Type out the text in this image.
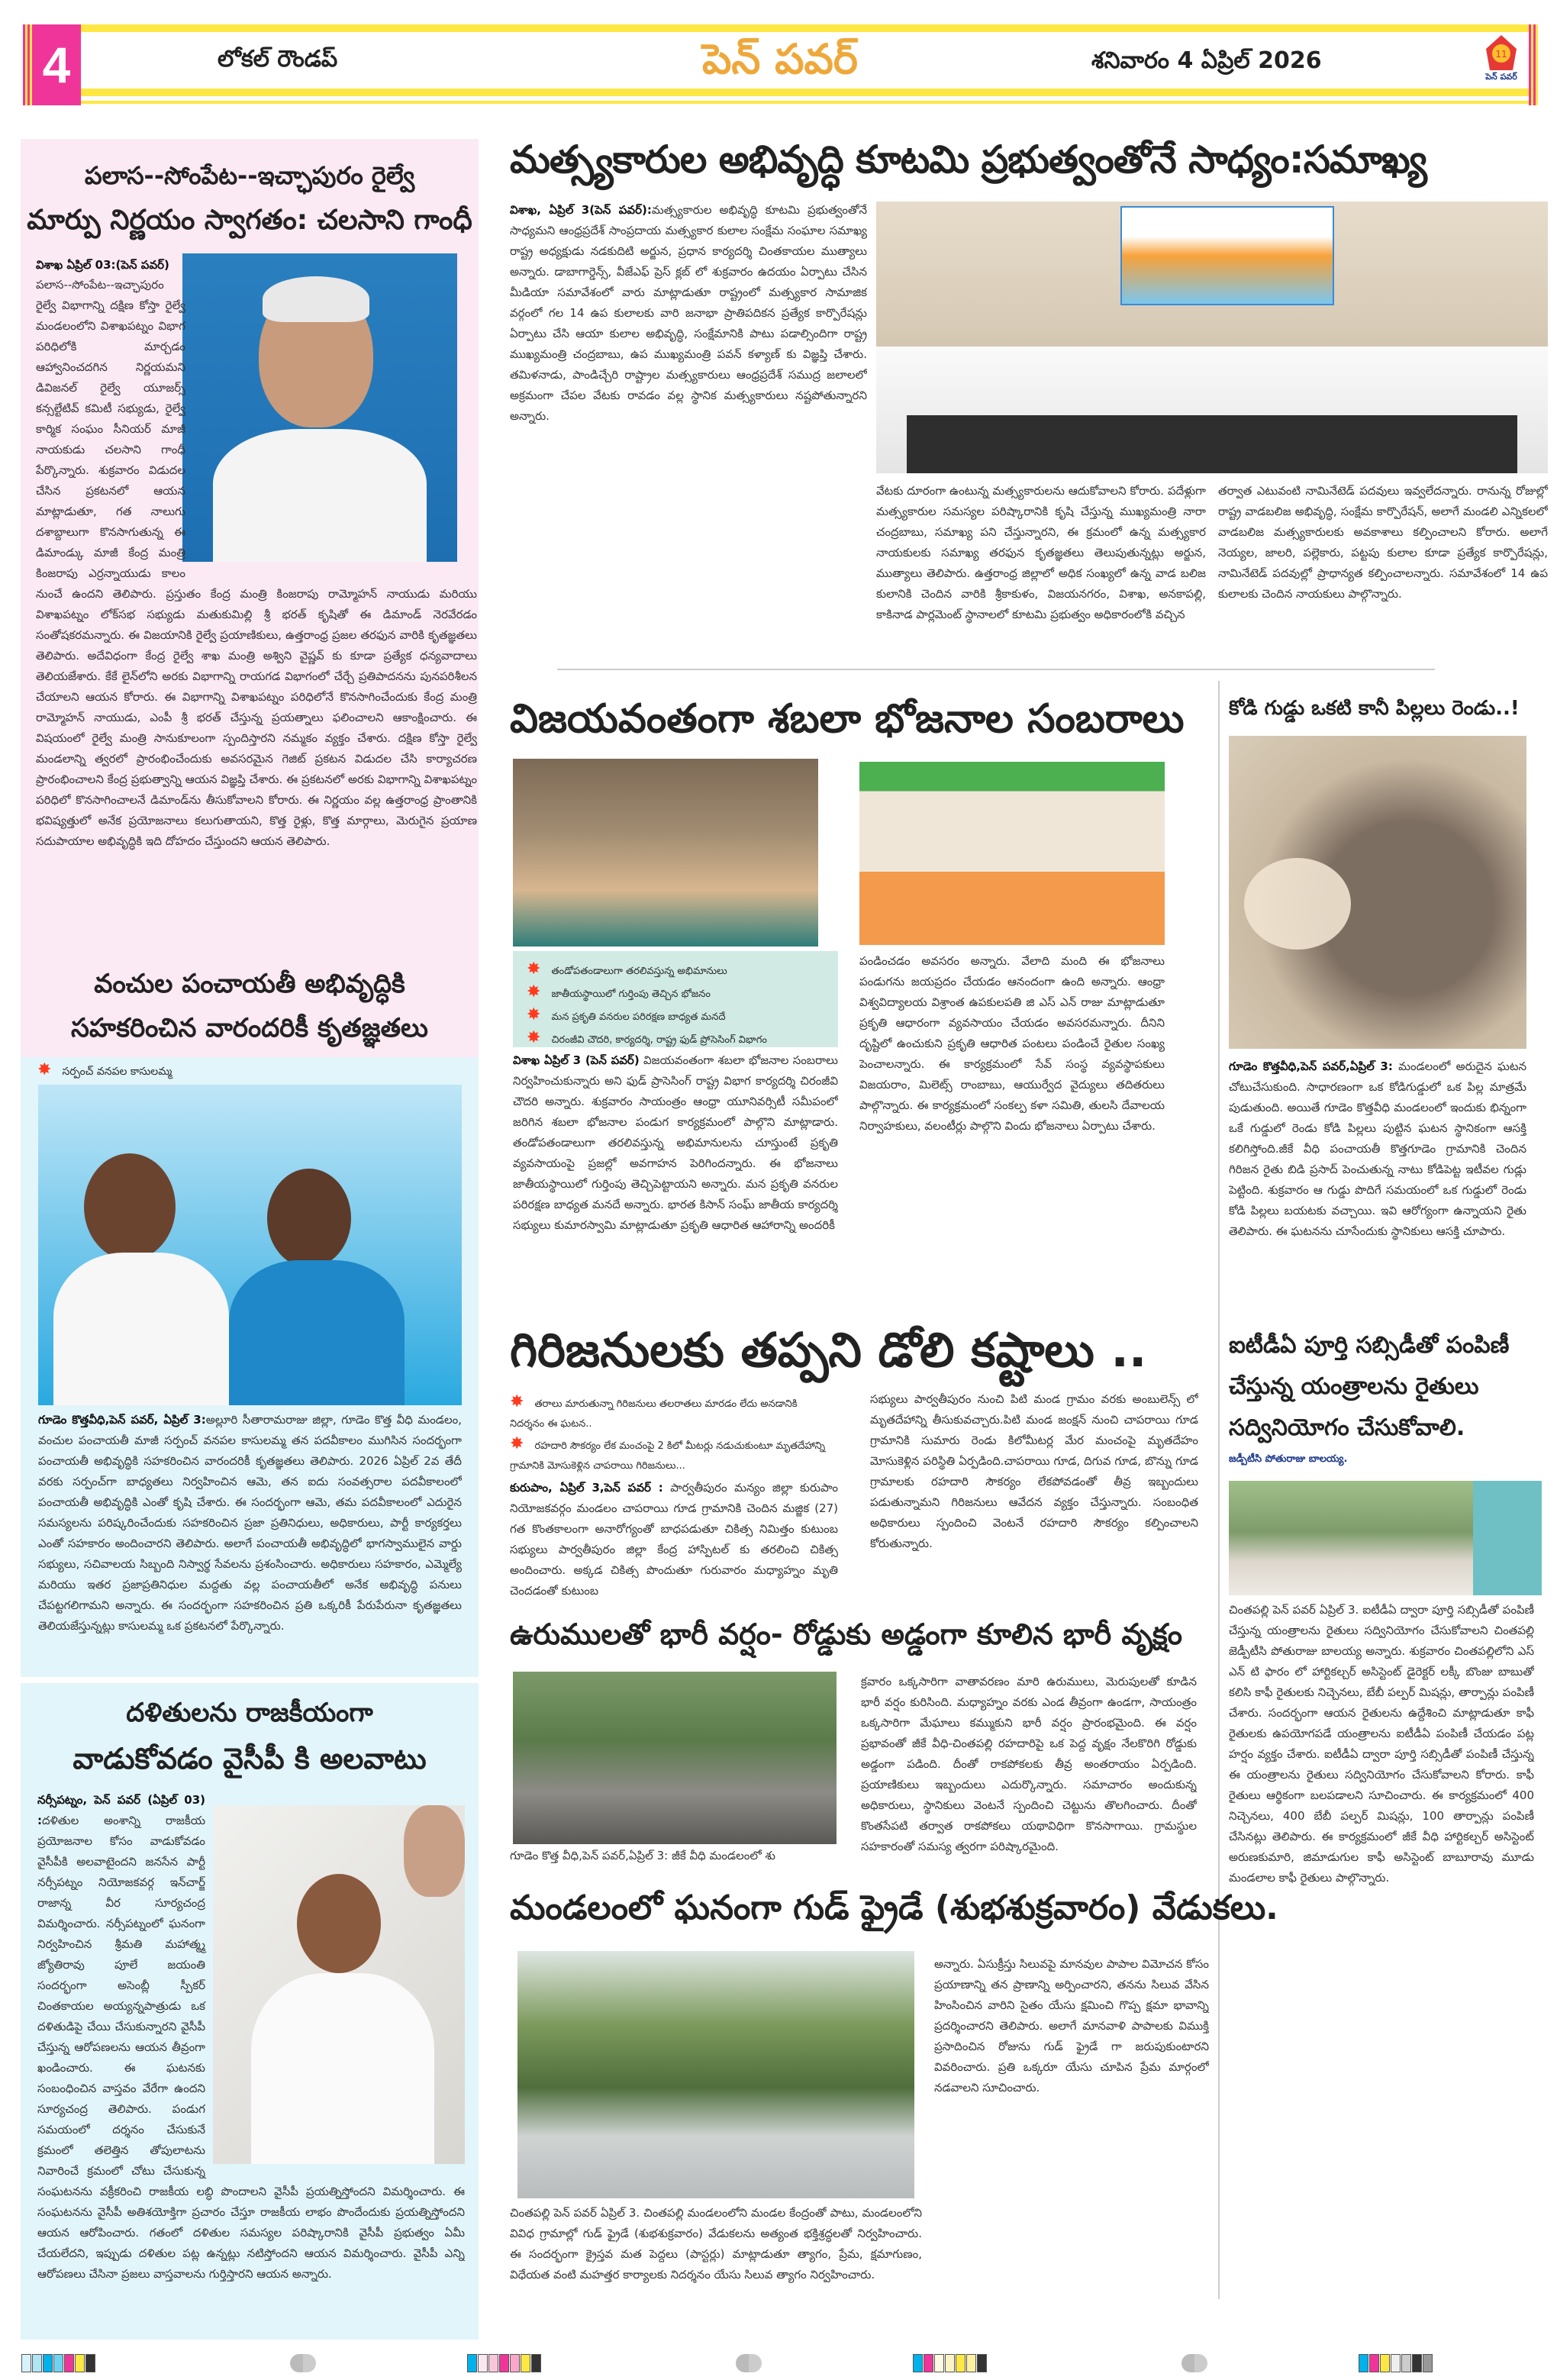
4	లోకల్ రౌండప్	పెన్ పవర్	శనివారం 4 ఏప్రిల్ 2026	11
పెన్ పవర్
పలాస--సోంపేట--ఇచ్ఛాపురం రైల్వే
మార్పు నిర్ణయం స్వాగతం: చలసాని గాంధీ
విశాఖ ఏప్రిల్ 03:(పెన్ పవర్)
పలాస--సోంపేట--ఇచ్ఛాపురం రైల్వే విభాగాన్ని దక్షిణ కోస్తా రైల్వే మండలంలోని విశాఖపట్నం విభాగ పరిధిలోకి మార్చడం ఆహ్వానించదగిన నిర్ణయమని డివిజనల్ రైల్వే యూజర్స్ కన్సల్టేటివ్ కమిటీ సభ్యుడు, రైల్వే కార్మిక సంఘం సీనియర్ మాజీ నాయకుడు చలసాని గాంధీ పేర్కొన్నారు. శుక్రవారం విడుదల చేసిన ప్రకటనలో ఆయన మాట్లాడుతూ, గత నాలుగు దశాబ్దాలుగా కొనసాగుతున్న ఈ డిమాండ్కు మాజీ కేంద్ర మంత్రి కింజరాపు ఎర్రన్నాయుడు కాలం నుంచే ఉందని తెలిపారు. ప్రస్తుతం కేంద్ర మంత్రి కింజరాపు రామ్మోహన్ నాయుడు మరియు విశాఖపట్నం లోక్‌సభ సభ్యుడు మతుకుమిల్లి శ్రీ భరత్ కృషితో ఈ డిమాండ్ నెరవేరడం సంతోషకరమన్నారు. ఈ విజయానికి రైల్వే ప్రయాణికులు, ఉత్తరాంధ్ర ప్రజల తరఫున వారికి కృతజ్ఞతలు తెలిపారు. అదేవిధంగా కేంద్ర రైల్వే శాఖ మంత్రి అశ్విని వైష్ణవ్ కు కూడా ప్రత్యేక ధన్యవాదాలు తెలియజేశారు. కేకే లైన్‌లోని అరకు విభాగాన్ని రాయగడ విభాగంలో చేర్చే ప్రతిపాదనను పునపరిశీలన చేయాలని ఆయన కోరారు. ఈ విభాగాన్ని విశాఖపట్నం పరిధిలోనే కొనసాగించేందుకు కేంద్ర మంత్రి రామ్మోహన్ నాయుడు, ఎంపీ శ్రీ భరత్ చేస్తున్న ప్రయత్నాలు ఫలించాలని ఆకాంక్షించారు. ఈ విషయంలో రైల్వే మంత్రి సానుకూలంగా స్పందిస్తారని నమ్మకం వ్యక్తం చేశారు. దక్షిణ కోస్తా రైల్వే మండలాన్ని త్వరలో ప్రారంభించేందుకు అవసరమైన గెజిట్ ప్రకటన విడుదల చేసి కార్యాచరణ ప్రారంభించాలని కేంద్ర ప్రభుత్వాన్ని ఆయన విజ్ఞప్తి చేశారు. ఈ ప్రకటనలో అరకు విభాగాన్ని విశాఖపట్నం పరిధిలో కొనసాగించాలనే డిమాండ్‌ను తీసుకోవాలని కోరారు. ఈ నిర్ణయం వల్ల ఉత్తరాంధ్ర ప్రాంతానికి భవిష్యత్తులో అనేక ప్రయోజనాలు కలుగుతాయని, కొత్త రైళ్లు, కొత్త మార్గాలు, మెరుగైన ప్రయాణ సదుపాయాల అభివృద్ధికి ఇది దోహదం చేస్తుందని ఆయన తెలిపారు.
వంచుల పంచాయతీ అభివృద్ధికి
సహకరించిన వారందరికీ కృతజ్ఞతలు
✸ సర్పంచ్ వనపల కాసులమ్మ
గూడెం కొత్తవీధి,పెన్ పవర్, ఏప్రిల్ 3:అల్లూరి సీతారామరాజు జిల్లా, గూడెం కొత్త వీధి మండలం, వంచుల పంచాయతీ మాజీ సర్పంచ్ వనపల కాసులమ్మ తన పదవీకాలం ముగిసిన సందర్భంగా పంచాయతీ అభివృద్ధికి సహకరించిన వారందరికీ కృతజ్ఞతలు తెలిపారు. 2026 ఏప్రిల్ 2వ తేదీ వరకు సర్పంచ్‌గా బాధ్యతలు నిర్వహించిన ఆమె, తన ఐదు సంవత్సరాల పదవీకాలంలో పంచాయతీ అభివృద్ధికి ఎంతో కృషి చేశారు. ఈ సందర్భంగా ఆమె, తమ పదవీకాలంలో ఎదురైన సమస్యలను పరిష్కరించేందుకు సహకరించిన ప్రజా ప్రతినిధులు, అధికారులు, పార్టీ కార్యకర్తలు ఎంతో సహకారం అందించారని తెలిపారు. అలాగే పంచాయతీ అభివృద్ధిలో భాగస్వాములైన వార్డు సభ్యులు, సచివాలయ సిబ్బంది నిస్వార్థ సేవలను ప్రశంసించారు. అధికారులు సహకారం, ఎమ్మెల్యే మరియు ఇతర ప్రజాప్రతినిధుల మద్దతు వల్ల పంచాయతీలో అనేక అభివృద్ధి పనులు చేపట్టగలిగామని అన్నారు. ఈ సందర్భంగా సహకరించిన ప్రతి ఒక్కరికీ పేరుపేరునా కృతజ్ఞతలు తెలియజేస్తున్నట్లు కాసులమ్మ ఒక ప్రకటనలో పేర్కొన్నారు.
దళితులను రాజకీయంగా
వాడుకోవడం వైసీపీ కి అలవాటు
నర్సీపట్నం, పెన్ పవర్ (ఏప్రిల్ 03) :దళితుల అంశాన్ని రాజకీయ ప్రయోజనాల కోసం వాడుకోవడం వైసీపీకి అలవాటైందని జనసేన పార్టీ నర్సీపట్నం నియోజకవర్గ ఇన్‌చార్జ్ రాజాన్న వీర సూర్యచంద్ర విమర్శించారు. నర్సీపట్నంలో ఘనంగా నిర్వహించిన శ్రీమతి మహాత్మ్మ జ్యోతిరావు పూలే జయంతి సందర్భంగా అసెంబ్లీ స్పీకర్ చింతకాయల అయ్యన్నపాత్రుడు ఒక దళితుడిపై చేయి చేసుకున్నారని వైసీపీ చేస్తున్న ఆరోపణలను ఆయన తీవ్రంగా ఖండించారు. ఈ ఘటనకు సంబంధించిన వాస్తవం వేరేగా ఉందని సూర్యచంద్ర తెలిపారు. పండుగ సమయంలో దర్శనం చేసుకునే క్రమంలో తలెత్తిన తోపులాటను నివారించే క్రమంలో చోటు చేసుకున్న సంఘటనను వక్రీకరించి రాజకీయ లబ్ధి పొందాలని వైసీపీ ప్రయత్నిస్తోందని విమర్శించారు. ఈ సంఘటనను వైసీపీ అతిశయోక్తిగా ప్రచారం చేస్తూ రాజకీయ లాభం పొందేందుకు ప్రయత్నిస్తోందని ఆయన ఆరోపించారు. గతంలో దళితుల సమస్యల పరిష్కారానికి వైసీపీ ప్రభుత్వం ఏమీ చేయలేదని, ఇప్పుడు దళితుల పట్ల ఉన్నట్లు నటిస్తోందని ఆయన విమర్శించారు. వైసీపీ ఎన్ని ఆరోపణలు చేసినా ప్రజలు వాస్తవాలను గుర్తిస్తారని ఆయన అన్నారు.
మత్స్యకారుల అభివృద్ధి కూటమి ప్రభుత్వంతోనే సాధ్యం:సమాఖ్య
విశాఖ, ఏప్రిల్ 3(పెన్ పవర్):మత్స్యకారుల అభివృద్ధి కూటమి ప్రభుత్వంతోనే సాధ్యమని ఆంధ్రప్రదేశ్ సాంప్రదాయ మత్స్యకార కులాల సంక్షేమ సంఘాల సమాఖ్య రాష్ట్ర అధ్యక్షుడు నడకుదిటి అర్జున, ప్రధాన కార్యదర్శి చింతకాయల ముత్యాలు అన్నారు. డాబాగార్డెన్స్, వీజేఎఫ్ ప్రెస్ క్లబ్ లో శుక్రవారం ఉదయం ఏర్పాటు చేసిన మీడియా సమావేశంలో వారు మాట్లాడుతూ రాష్ట్రంలో మత్స్యకార సామాజిక వర్గంలో గల 14 ఉప కులాలకు వారి జనాభా ప్రాతిపదికన ప్రత్యేక కార్పొరేషన్లు ఏర్పాటు చేసి ఆయా కులాల అభివృద్ధి, సంక్షేమానికి పాటు పడాల్సిందిగా రాష్ట్ర ముఖ్యమంత్రి చంద్రబాబు, ఉప ముఖ్యమంత్రి పవన్ కళ్యాణ్ కు విజ్ఞప్తి చేశారు. తమిళనాడు, పాండిచ్చేరి రాష్ట్రాల మత్స్యకారులు ఆంధ్రప్రదేశ్ సముద్ర జలాలలో అక్రమంగా చేపల వేటకు రావడం వల్ల స్థానిక మత్స్యకారులు నష్టపోతున్నారని అన్నారు.
వేటకు దూరంగా ఉంటున్న మత్స్యకారులను ఆదుకోవాలని కోరారు. పదేళ్లుగా మత్స్యకారుల సమస్యల పరిష్కారానికి కృషి చేస్తున్న ముఖ్యమంత్రి నారా చంద్రబాబు, సమాఖ్య పని చేస్తున్నారని, ఈ క్రమంలో ఉన్న మత్స్యకార నాయకులకు సమాఖ్య తరఫున కృతజ్ఞతలు తెలుపుతున్నట్లు అర్జున, ముత్యాలు తెలిపారు. ఉత్తరాంధ్ర జిల్లాలో అధిక సంఖ్యలో ఉన్న వాడ బలిజ కులానికి చెందిన వారికి శ్రీకాకుళం, విజయనగరం, విశాఖ, అనకాపల్లి, కాకినాడ పార్లమెంట్ స్థానాలలో కూటమి ప్రభుత్వం అధికారంలోకి వచ్చిన
తర్వాత ఎటువంటి నామినేటెడ్ పదవులు ఇవ్వలేదన్నారు. రానున్న రోజుల్లో రాష్ట్ర వాడబలిజ అభివృద్ధి, సంక్షేమ కార్పొరేషన్, అలాగే మండలి ఎన్నికలలో వాడబలిజ మత్స్యకారులకు అవకాశాలు కల్పించాలని కోరారు. అలాగే నెయ్యల, జాలరి, పల్లెకారు, పట్టపు కులాల కూడా ప్రత్యేక కార్పొరేషన్లు, నామినేటెడ్ పదవుల్లో ప్రాధాన్యత కల్పించాలన్నారు. సమావేశంలో 14 ఉప కులాలకు చెందిన నాయకులు పాల్గొన్నారు.
విజయవంతంగా శబలా భోజనాల సంబరాలు
✸ తండోపతండాలుగా తరలివస్తున్న అభిమానులు
✸ జాతీయస్థాయిలో గుర్తింపు తెచ్చిన భోజనం
✸ మన ప్రకృతి వనరుల పరిరక్షణ బాధ్యత మనదే
✸ చిరంజీవి చౌదరి, కార్యదర్శి, రాష్ట్ర ఫుడ్ ప్రోసెసింగ్ విభాగం
విశాఖ ఏప్రిల్ 3 (పెన్ పవర్) విజయవంతంగా శబలా భోజనాల సంబరాలు నిర్వహించుకున్నారు అని ఫుడ్ ప్రాసెసింగ్ రాష్ట్ర విభాగ కార్యదర్శి చిరంజీవి చౌదరి అన్నారు. శుక్రవారం సాయంత్రం ఆంధ్రా యూనివర్సిటీ సమీపంలో జరిగిన శబలా భోజనాల పండుగ కార్యక్రమంలో పాల్గొని మాట్లాడారు. తండోపతండాలుగా తరలివస్తున్న అభిమానులను చూస్తుంటే ప్రకృతి వ్యవసాయంపై ప్రజల్లో అవగాహన పెరిగిందన్నారు. ఈ భోజనాలు జాతీయస్థాయిలో గుర్తింపు తెచ్చిపెట్టాయని అన్నారు. మన ప్రకృతి వనరుల పరిరక్షణ బాధ్యత మనదే అన్నారు. భారత కిసాన్ సంఘ్ జాతీయ కార్యదర్శి సభ్యులు కుమారస్వామి మాట్లాడుతూ ప్రకృతి ఆధారిత ఆహారాన్ని అందరికీ
పండించడం అవసరం అన్నారు. వేలాది మంది ఈ భోజనాలు పండుగను జయప్రదం చేయడం ఆనందంగా ఉంది అన్నారు. ఆంధ్రా విశ్వవిద్యాలయ విశ్రాంత ఉపకులపతి జి ఎస్ ఎన్ రాజు మాట్లాడుతూ ప్రకృతి ఆధారంగా వ్యవసాయం చేయడం అవసరమన్నారు. దీనిని దృష్టిలో ఉంచుకుని ప్రకృతి ఆధారిత పంటలు పండించే రైతుల సంఖ్య పెంచాలన్నారు. ఈ కార్యక్రమంలో సేవ్ సంస్థ వ్యవస్థాపకులు విజయరాం, మిలెట్స్ రాంబాబు, ఆయుర్వేద వైద్యులు తదితరులు పాల్గొన్నారు. ఈ కార్యక్రమంలో సంకల్ప కళా సమితి, తులసి దేవాలయ నిర్వాహకులు, వలంటీర్లు పాల్గొని విందు భోజనాలు ఏర్పాటు చేశారు.
కోడి గుడ్డు ఒకటి కానీ పిల్లలు రెండు..!
గూడెం కొత్తవీధి,పెన్ పవర్,ఏప్రిల్ 3: మండలంలో అరుదైన ఘటన చోటుచేసుకుంది. సాధారణంగా ఒక కోడిగుడ్డులో ఒక పిల్ల మాత్రమే పుడుతుంది. అయితే గూడెం కొత్తవీధి మండలంలో ఇందుకు భిన్నంగా ఒకే గుడ్డులో రెండు కోడి పిల్లలు పుట్టిన ఘటన స్థానికంగా ఆసక్తి కలిగిస్తోంది.జీకే వీధి పంచాయతీ కొత్తగూడెం గ్రామానికి చెందిన గిరిజన రైతు బిడి ప్రసాద్ పెంచుతున్న నాటు కోడిపెట్ట ఇటీవల గుడ్లు పెట్టింది. శుక్రవారం ఆ గుడ్డు పొదిగే సమయంలో ఒక గుడ్డులో రెండు కోడి పిల్లలు బయటకు వచ్చాయి. ఇవి ఆరోగ్యంగా ఉన్నాయని రైతు తెలిపారు. ఈ ఘటనను చూసేందుకు స్థానికులు ఆసక్తి చూపారు.
ఐటీడీఏ పూర్తి సబ్సిడీతో పంపిణీ చేస్తున్న యంత్రాలను రైతులు సద్వినియోగం చేసుకోవాలి.
జడ్పీటీసి పోతురాజు బాలయ్య.
చింతపల్లి పెన్ పవర్ ఏప్రిల్ 3. ఐటీడీఏ ద్వారా పూర్తి సబ్సిడీతో పంపిణీ చేస్తున్న యంత్రాలను రైతులు సద్వినియోగం చేసుకోవాలని చింతపల్లి జెడ్పీటీసి పోతురాజు బాలయ్య అన్నారు. శుక్రవారం చింతపల్లిలోని ఎస్ ఎన్ టి ఫారం లో హార్టికల్చర్ అసిస్టెంట్ డైరెక్టర్ లక్కీ బొంజు బాబుతో కలిసి కాఫీ రైతులకు నిచ్చెనలు, బేబీ పల్పర్ మిషన్లు, తార్పాన్లు పంపిణీ చేశారు. సందర్భంగా ఆయన రైతులను ఉద్దేశించి మాట్లాడుతూ కాఫీ రైతులకు ఉపయోగపడే యంత్రాలను ఐటీడీఏ పంపిణీ చేయడం పట్ల హర్షం వ్యక్తం చేశారు. ఐటీడీఏ ద్వారా పూర్తి సబ్సిడీతో పంపిణీ చేస్తున్న ఈ యంత్రాలను రైతులు సద్వినియోగం చేసుకోవాలని కోరారు. కాఫీ రైతులు ఆర్థికంగా బలపడాలని సూచించారు. ఈ కార్యక్రమంలో 400 నిచ్చెనలు, 400 బేబీ పల్పర్ మిషన్లు, 100 తార్పాన్లు పంపిణీ చేసినట్లు తెలిపారు. ఈ కార్యక్రమంలో జీకే వీధి హార్టికల్చర్ అసిస్టెంట్ అరుణకుమారి, జిమాడుగుల కాఫీ అసిస్టెంట్ బాబూరావు మూడు మండలాల కాఫీ రైతులు పాల్గొన్నారు.
గిరిజనులకు తప్పని డోలి కష్టాలు ..
✸ తరాలు మారుతున్నా గిరిజనులు తలరాతలు మారడం లేదు అనడానికి నిదర్శనం ఈ ఘటన..
✸ రహదారి సౌకర్యం లేక మంచంపై 2 కిలో మీటర్లు నడుచుకుంటూ మృతదేహాన్ని గ్రామానికి మోసుకెళ్లిన చాపరాయి గిరిజనులు...
కురుపాం, ఏప్రిల్ 3,పెన్ పవర్ : పార్వతీపురం మన్యం జిల్లా కురుపాం నియోజకవర్గం మండలం చాపరాయి గూడ గ్రామానికి చెందిన మజ్జిక (27) గత కొంతకాలంగా అనారోగ్యంతో బాధపడుతూ చికిత్స నిమిత్తం కుటుంబ సభ్యులు పార్వతీపురం జిల్లా కేంద్ర హాస్పిటల్ కు తరలించి చికిత్స అందించారు. అక్కడ చికిత్స పొందుతూ గురువారం మధ్యాహ్నం మృతి చెందడంతో కుటుంబ
సభ్యులు పార్వతీపురం నుంచి పిటి మండ గ్రామం వరకు అంబులెన్స్ లో మృతదేహాన్ని తీసుకువచ్చారు.పిటి మండ జంక్షన్ నుంచి చాపరాయి గూడ గ్రామానికి సుమారు రెండు కిలోమీటర్ల మేర మంచంపై మృతదేహం మోసుకెళ్లిన పరిస్థితి ఏర్పడింది.చాపరాయి గూడ, దిగువ గూడ, బొన్ను గూడ గ్రామాలకు రహదారి సౌకర్యం లేకపోవడంతో తీవ్ర ఇబ్బందులు పడుతున్నామని గిరిజనులు ఆవేదన వ్యక్తం చేస్తున్నారు. సంబంధిత అధికారులు స్పందించి వెంటనే రహదారి సౌకర్యం కల్పించాలని కోరుతున్నారు.
ఉరుములతో భారీ వర్షం- రోడ్డుకు అడ్డంగా కూలిన భారీ వృక్షం
గూడెం కొత్త వీధి,పెన్ పవర్,ఏప్రిల్ 3: జీకే వీధి మండలంలో శు
క్రవారం ఒక్కసారిగా వాతావరణం మారి ఉరుములు, మెరుపులతో కూడిన భారీ వర్షం కురిసింది. మధ్యాహ్నం వరకు ఎండ తీవ్రంగా ఉండగా, సాయంత్రం ఒక్కసారిగా మేఘాలు కమ్ముకుని భారీ వర్షం ప్రారంభమైంది. ఈ వర్షం ప్రభావంతో జీకే వీధి-చింతపల్లి రహదారిపై ఒక పెద్ద వృక్షం నేలకొరిగి రోడ్డుకు అడ్డంగా పడింది. దీంతో రాకపోకలకు తీవ్ర అంతరాయం ఏర్పడింది. ప్రయాణికులు ఇబ్బందులు ఎదుర్కొన్నారు. సమాచారం అందుకున్న అధికారులు, స్థానికులు వెంటనే స్పందించి చెట్టును తొలగించారు. దీంతో కొంతసేపటి తర్వాత రాకపోకలు యథావిధిగా కొనసాగాయి. గ్రామస్థుల సహకారంతో సమస్య త్వరగా పరిష్కారమైంది.
మండలంలో ఘనంగా గుడ్ ఫ్రైడే (శుభశుక్రవారం) వేడుకలు.
చింతపల్లి పెన్ పవర్ ఏప్రిల్ 3. చింతపల్లి మండలంలోని మండల కేంద్రంతో పాటు, మండలంలోని వివిధ గ్రామాల్లో గుడ్ ఫ్రైడే (శుభశుక్రవారం) వేడుకలను అత్యంత భక్తిశ్రద్ధలతో నిర్వహించారు. ఈ సందర్భంగా క్రైస్తవ మత పెద్దలు (పాస్టర్లు) మాట్లాడుతూ త్యాగం, ప్రేమ, క్షమాగుణం, విధేయత వంటి మహత్తర కార్యాలకు నిదర్శనం యేసు సిలువ త్యాగం నిర్వహించారు.
అన్నారు. ఏసుక్రీస్తు సిలువపై మానవుల పాపాల విమోచన కోసం ప్రయాణాన్ని తన ప్రాణాన్ని అర్పించారని, తనను సిలువ వేసిన హింసించిన వారిని సైతం యేసు క్షమించి గొప్ప క్షమా భావాన్ని ప్రదర్శించారని తెలిపారు. అలాగే మానవాళి పాపాలకు విముక్తి ప్రసాదించిన రోజును గుడ్ ఫ్రైడే గా జరుపుకుంటారని వివరించారు. ప్రతి ఒక్కరూ యేసు చూపిన ప్రేమ మార్గంలో నడవాలని సూచించారు.
